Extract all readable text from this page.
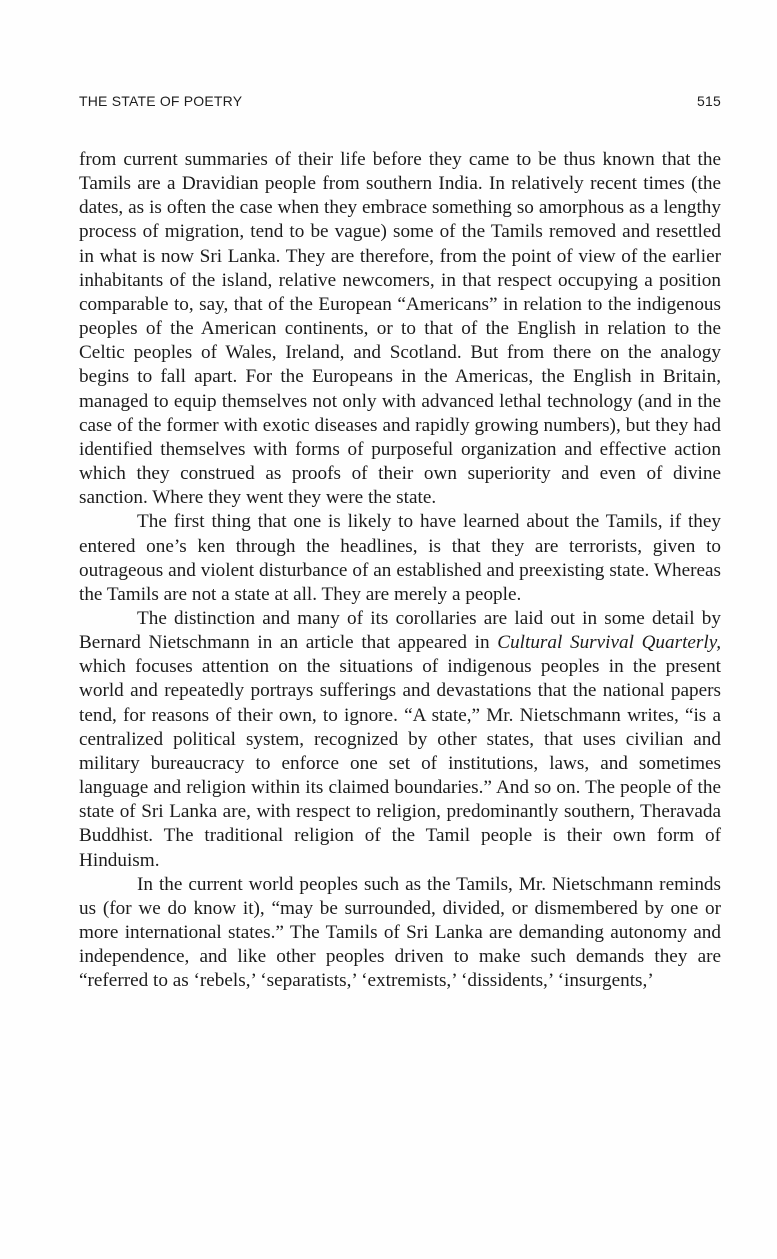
THE STATE OF POETRY	515

from current summaries of their life before they came to be thus known that the Tamils are a Dravidian people from southern India. In relatively recent times (the dates, as is often the case when they embrace something so amorphous as a lengthy process of migration, tend to be vague) some of the Tamils removed and resettled in what is now Sri Lanka. They are therefore, from the point of view of the earlier inhabitants of the island, relative newcomers, in that respect occupying a position comparable to, say, that of the European “Americans” in relation to the indigenous peoples of the American continents, or to that of the English in relation to the Celtic peoples of Wales, Ireland, and Scotland. But from there on the analogy begins to fall apart. For the Europeans in the Americas, the English in Britain, managed to equip themselves not only with advanced lethal technology (and in the case of the former with exotic diseases and rapidly growing numbers), but they had identified themselves with forms of purposeful organization and effective action which they construed as proofs of their own superiority and even of divine sanction. Where they went they were the state.

The first thing that one is likely to have learned about the Tamils, if they entered one’s ken through the headlines, is that they are terrorists, given to outrageous and violent disturbance of an established and preexisting state. Whereas the Tamils are not a state at all. They are merely a people.

The distinction and many of its corollaries are laid out in some detail by Bernard Nietschmann in an article that appeared in Cultural Survival Quarterly, which focuses attention on the situations of indigenous peoples in the present world and repeatedly portrays sufferings and devastations that the national papers tend, for reasons of their own, to ignore. “A state,” Mr. Nietschmann writes, “is a centralized political system, recognized by other states, that uses civilian and military bureaucracy to enforce one set of institutions, laws, and sometimes language and religion within its claimed boundaries.” And so on. The people of the state of Sri Lanka are, with respect to religion, predominantly southern, Theravada Buddhist. The traditional religion of the Tamil people is their own form of Hinduism.

In the current world peoples such as the Tamils, Mr. Nietschmann reminds us (for we do know it), “may be surrounded, divided, or dismembered by one or more international states.” The Tamils of Sri Lanka are demanding autonomy and independence, and like other peoples driven to make such demands they are “referred to as ‘rebels,’ ‘separatists,’ ‘extremists,’ ‘dissidents,’ ‘insurgents,’
